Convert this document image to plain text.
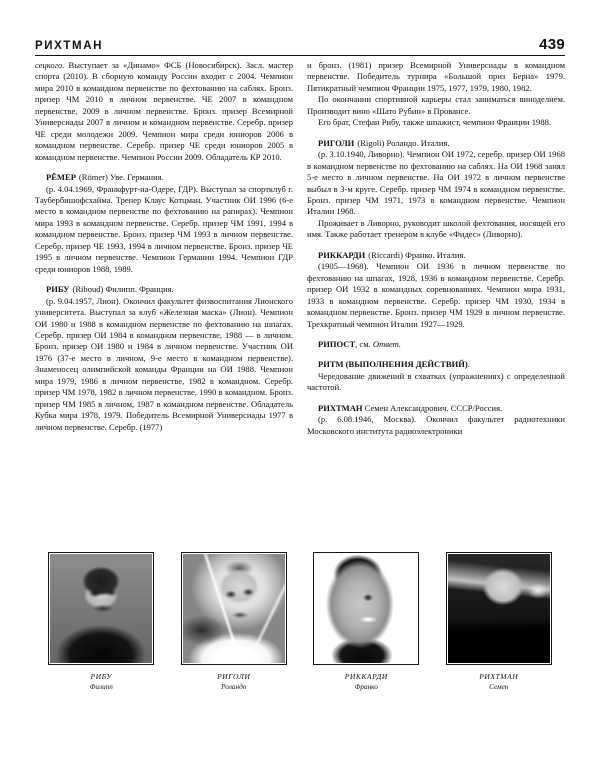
РИХТМАН	439

сецкого. Выступает за «Динамо» ФСБ (Новосибирск). Засл. мастер спорта (2010). В сборную команду России входит с 2004. Чемпион мира 2010 в командном первенстве по фехтованию на саблях. Бронз. призер ЧМ 2010 в личном первенстве. ЧЕ 2007 в командном первенстве, 2009 в личном первенстве. Бронз. призер Всемирной Универсиады 2007 в личном и командном первенстве. Серебр. призер ЧЕ среди молодежи 2009. Чемпион мира среди юниоров 2006 в командном первенстве. Серебр. призер ЧЕ среди юниоров 2005 в командном первенстве. Чемпион России 2009. Обладатель КР 2010.

РЁМЕР (Römer) Уве. Германия.

(р. 4.04.1969, Франкфурт-на-Одере, ГДР). Выступал за спортклуб г. Таубербишофсхайма. Тренер Клаус Котцман. Участник ОИ 1996 (6-е место в командном первенстве по фехтованию на рапирах). Чемпион мира 1993 в командном первенстве. Серебр. призер ЧМ 1991, 1994 в командном первенстве. Бронз. призер ЧМ 1993 в личном первенстве. Серебр. призер ЧЕ 1993, 1994 в личном первенстве. Бронз. призер ЧЕ 1995 в личном первенстве. Чемпион Германии 1994. Чемпион ГДР среди юниоров 1988, 1989.

РИБУ (Riboud) Филипп. Франция.

(р. 9.04.1957, Лион). Окончил факультет физвоспитания Лионского университета. Выступал за клуб «Железная маска» (Лион). Чемпион ОИ 1980 и 1988 в командном первенстве по фехтованию на шпагах. Серебр. призер ОИ 1984 в командном первенстве, 1988 — в личном. Бронз. призер ОИ 1980 и 1984 в личном первенстве. Участник ОИ 1976 (37-е место в личном, 9-е место в командном первенстве). Знаменосец олимпийской команды Франции на ОИ 1988. Чемпион мира 1979, 1986 в личном первенстве, 1982 в командном. Серебр. призер ЧМ 1978, 1982 в личном первенстве, 1990 в командном. Бронз. призер ЧМ 1985 в личном, 1987 в командном первенстве. Обладатель Кубка мира 1978, 1979. Победитель Всемирной Универсиады 1977 в личном первенстве. Серебр. (1977)

и бронз. (1981) призер Всемирной Универсиады в командном первенстве. Победитель турнира «Большой приз Берна» 1979. Пятикратный чемпион Франции 1975, 1977, 1979, 1980, 1982.

По окончании спортивной карьеры стал заниматься виноделием. Производит вино «Шато Рубин» в Провансе.

Его брат, Стефан Рибу, также шпажист, чемпион Франции 1988.

РИГОЛИ (Rigoli) Роландо. Италия.

(р. 3.10.1940, Ливорно). Чемпион ОИ 1972, серебр. призер ОИ 1968 в командном первенстве по фехтованию на саблях. На ОИ 1968 занял 5-е место в личном первенстве. На ОИ 1972 в личном первенстве выбыл в 3-м круге. Серебр. призер ЧМ 1974 в командном первенстве. Бронз. призер ЧМ 1971, 1973 в командном первенстве. Чемпион Италии 1968.

Проживает в Ливорно, руководит школой фехтования, носящей его имя. Также работает тренером в клубе «Фидес» (Ливорно).

РИККАРДИ (Riccardi) Франко. Италия.

(1905—1968). Чемпион ОИ 1936 в личном первенстве по фехтованию на шпагах, 1928, 1936 в командном первенстве. Серебр. призер ОИ 1932 в командных соревнованиях. Чемпион мира 1931, 1933 в командном первенстве. Серебр. призер ЧМ 1930, 1934 в командном первенстве. Бронз. призер ЧМ 1929 в личном первенстве. Трехкратный чемпион Италии 1927—1929.

РИПОСТ, см. Ответ.

РИТМ (ВЫПОЛНЕНИЯ ДЕЙСТВИЙ).

Чередование движений в схватках (упражнениях) с определенной частотой.

РИХТМАН Семен Александрович. СССР/Россия.

(р. 6.08.1946, Москва). Окончил факультет радиотехники Московского института радиоэлектроники

РИБУ
Филипп
РИГОЛИ
Роландо
РИККАРДИ
Франко
РИХТМАН
Семен
